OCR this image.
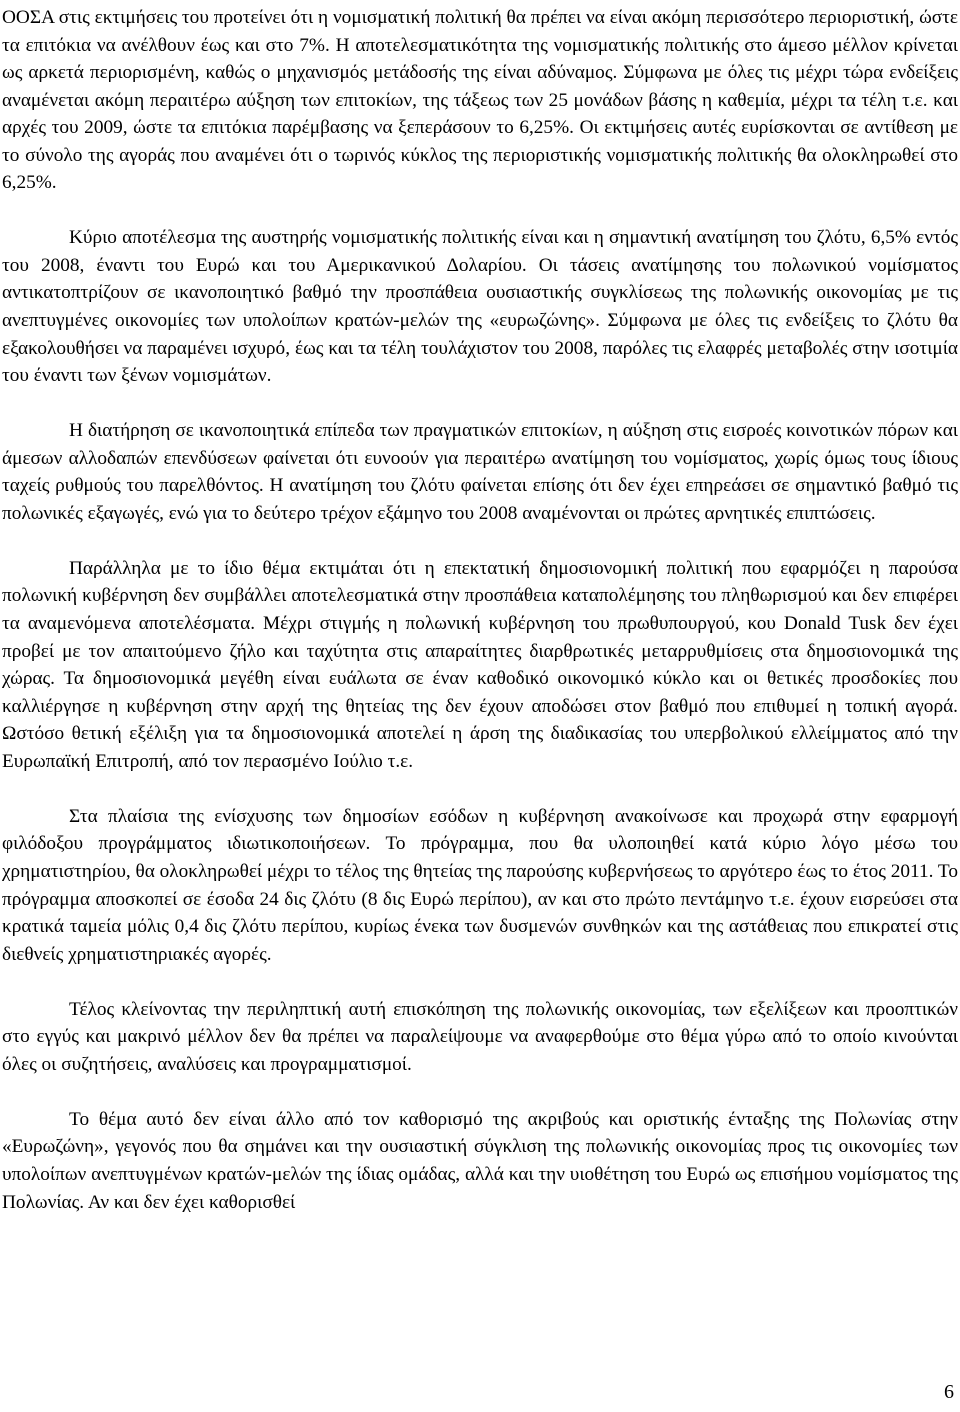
ΟΟΣΑ στις εκτιμήσεις του προτείνει ότι η νομισματική πολιτική θα πρέπει να είναι ακόμη περισσότερο περιοριστική, ώστε τα επιτόκια να ανέλθουν έως και στο 7%. Η αποτελεσματικότητα της νομισματικής πολιτικής στο άμεσο μέλλον κρίνεται ως αρκετά περιορισμένη, καθώς ο μηχανισμός μετάδοσής της είναι αδύναμος. Σύμφωνα με όλες τις μέχρι τώρα ενδείξεις αναμένεται ακόμη περαιτέρω αύξηση των επιτοκίων, της τάξεως των 25 μονάδων βάσης η καθεμία, μέχρι τα τέλη τ.ε. και αρχές του 2009, ώστε τα επιτόκια παρέμβασης να ξεπεράσουν το 6,25%. Οι εκτιμήσεις αυτές ευρίσκονται σε αντίθεση με το σύνολο της αγοράς που αναμένει ότι ο τωρινός κύκλος της περιοριστικής νομισματικής πολιτικής θα ολοκληρωθεί στο 6,25%.

Κύριο αποτέλεσμα της αυστηρής νομισματικής πολιτικής είναι και η σημαντική ανατίμηση του ζλότυ, 6,5% εντός του 2008, έναντι του Ευρώ και του Αμερικανικού Δολαρίου. Οι τάσεις ανατίμησης του πολωνικού νομίσματος αντικατοπτρίζουν σε ικανοποιητικό βαθμό την προσπάθεια ουσιαστικής συγκλίσεως της πολωνικής οικονομίας με τις ανεπτυγμένες οικονομίες των υπολοίπων κρατών-μελών της «ευρωζώνης». Σύμφωνα με όλες τις ενδείξεις το ζλότυ θα εξακολουθήσει να παραμένει ισχυρό, έως και τα τέλη τουλάχιστον του 2008, παρόλες τις ελαφρές μεταβολές στην ισοτιμία του έναντι των ξένων νομισμάτων.

Η διατήρηση σε ικανοποιητικά επίπεδα των πραγματικών επιτοκίων, η αύξηση στις εισροές κοινοτικών πόρων και άμεσων αλλοδαπών επενδύσεων φαίνεται ότι ευνοούν για περαιτέρω ανατίμηση του νομίσματος, χωρίς όμως τους ίδιους ταχείς ρυθμούς του παρελθόντος. Η ανατίμηση του ζλότυ φαίνεται επίσης ότι δεν έχει επηρεάσει σε σημαντικό βαθμό τις πολωνικές εξαγωγές, ενώ για το δεύτερο τρέχον εξάμηνο του 2008 αναμένονται οι πρώτες αρνητικές επιπτώσεις.

Παράλληλα με το ίδιο θέμα εκτιμάται ότι η επεκτατική δημοσιονομική πολιτική που εφαρμόζει η παρούσα πολωνική κυβέρνηση δεν συμβάλλει αποτελεσματικά στην προσπάθεια καταπολέμησης του πληθωρισμού και δεν επιφέρει τα αναμενόμενα αποτελέσματα. Μέχρι στιγμής η πολωνική κυβέρνηση του πρωθυπουργού, κου Donald Tusk δεν έχει προβεί με τον απαιτούμενο ζήλο και ταχύτητα στις απαραίτητες διαρθρωτικές μεταρρυθμίσεις στα δημοσιονομικά της χώρας. Τα δημοσιονομικά μεγέθη είναι ευάλωτα σε έναν καθοδικό οικονομικό κύκλο και οι θετικές προσδοκίες που καλλιέργησε η κυβέρνηση στην αρχή της θητείας της δεν έχουν αποδώσει στον βαθμό που επιθυμεί η τοπική αγορά. Ωστόσο θετική εξέλιξη για τα δημοσιονομικά αποτελεί η άρση της διαδικασίας του υπερβολικού ελλείμματος από την Ευρωπαϊκή Επιτροπή, από τον περασμένο Ιούλιο τ.ε.

Στα πλαίσια της ενίσχυσης των δημοσίων εσόδων η κυβέρνηση ανακοίνωσε και προχωρά στην εφαρμογή φιλόδοξου προγράμματος ιδιωτικοποιήσεων. Το πρόγραμμα, που θα υλοποιηθεί κατά κύριο λόγο μέσω του χρηματιστηρίου, θα ολοκληρωθεί μέχρι το τέλος της θητείας της παρούσης κυβερνήσεως το αργότερο έως το έτος 2011. Το πρόγραμμα αποσκοπεί σε έσοδα 24 δις ζλότυ (8 δις Ευρώ περίπου), αν και στο πρώτο πεντάμηνο τ.ε. έχουν εισρεύσει στα κρατικά ταμεία μόλις 0,4 δις ζλότυ περίπου, κυρίως ένεκα των δυσμενών συνθηκών και της αστάθειας που επικρατεί στις διεθνείς χρηματιστηριακές αγορές.

Τέλος κλείνοντας την περιληπτική αυτή επισκόπηση της πολωνικής οικονομίας, των εξελίξεων και προοπτικών στο εγγύς και μακρινό μέλλον δεν θα πρέπει να παραλείψουμε να αναφερθούμε στο θέμα γύρω από το οποίο κινούνται όλες οι συζητήσεις, αναλύσεις και προγραμματισμοί.

Το θέμα αυτό δεν είναι άλλο από τον καθορισμό της ακριβούς και οριστικής ένταξης της Πολωνίας στην «Ευρωζώνη», γεγονός που θα σημάνει και την ουσιαστική σύγκλιση της πολωνικής οικονομίας προς τις οικονομίες των υπολοίπων ανεπτυγμένων κρατών-μελών της ίδιας ομάδας, αλλά και την υιοθέτηση του Ευρώ ως επισήμου νομίσματος της Πολωνίας. Αν και δεν έχει καθορισθεί

6
